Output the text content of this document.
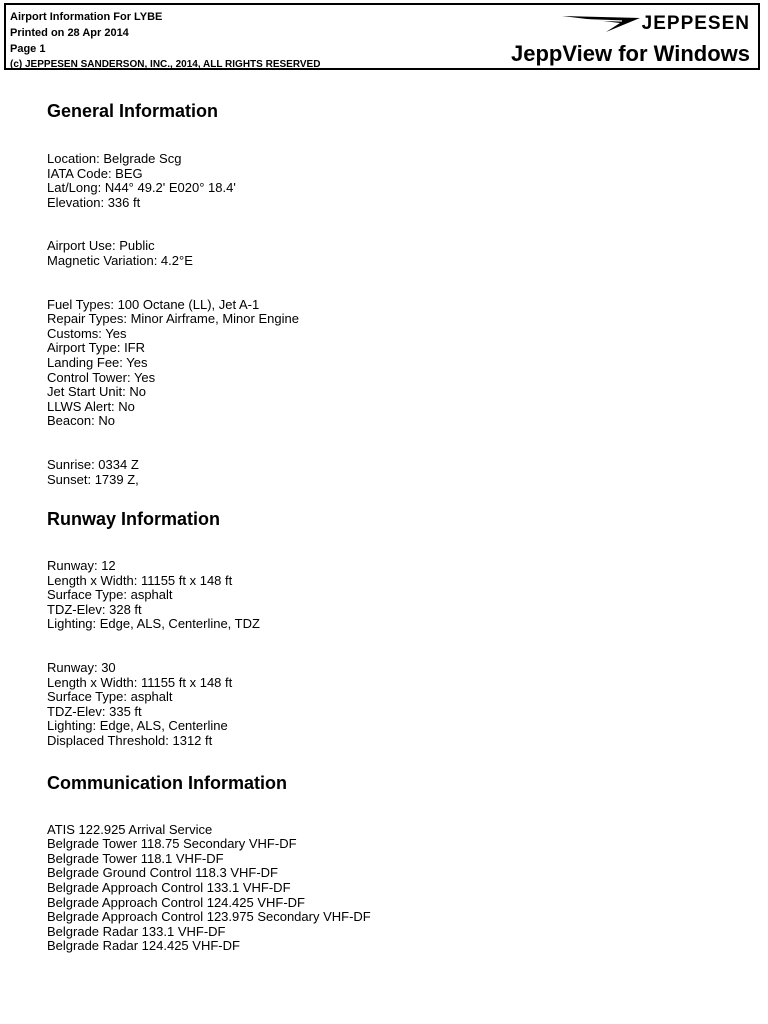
Airport Information For LYBE
Printed on 28 Apr 2014
Page 1
(c) JEPPESEN SANDERSON, INC., 2014, ALL RIGHTS RESERVED
JEPPESEN
JeppView for Windows
General Information
Location: Belgrade Scg
IATA Code: BEG
Lat/Long: N44° 49.2' E020° 18.4'
Elevation: 336 ft
Airport Use: Public
Magnetic Variation: 4.2°E
Fuel Types: 100 Octane (LL), Jet A-1
Repair Types: Minor Airframe, Minor Engine
Customs: Yes
Airport Type: IFR
Landing Fee: Yes
Control Tower: Yes
Jet Start Unit: No
LLWS Alert: No
Beacon: No
Sunrise: 0334 Z
Sunset: 1739 Z,
Runway Information
Runway: 12
Length x Width: 11155 ft x 148 ft
Surface Type: asphalt
TDZ-Elev: 328 ft
Lighting: Edge, ALS, Centerline, TDZ
Runway: 30
Length x Width: 11155 ft x 148 ft
Surface Type: asphalt
TDZ-Elev: 335 ft
Lighting: Edge, ALS, Centerline
Displaced Threshold: 1312 ft
Communication Information
ATIS 122.925 Arrival Service
Belgrade Tower 118.75 Secondary VHF-DF
Belgrade Tower 118.1 VHF-DF
Belgrade Ground Control 118.3 VHF-DF
Belgrade Approach Control 133.1 VHF-DF
Belgrade Approach Control 124.425 VHF-DF
Belgrade Approach Control 123.975 Secondary VHF-DF
Belgrade Radar 133.1 VHF-DF
Belgrade Radar 124.425 VHF-DF
